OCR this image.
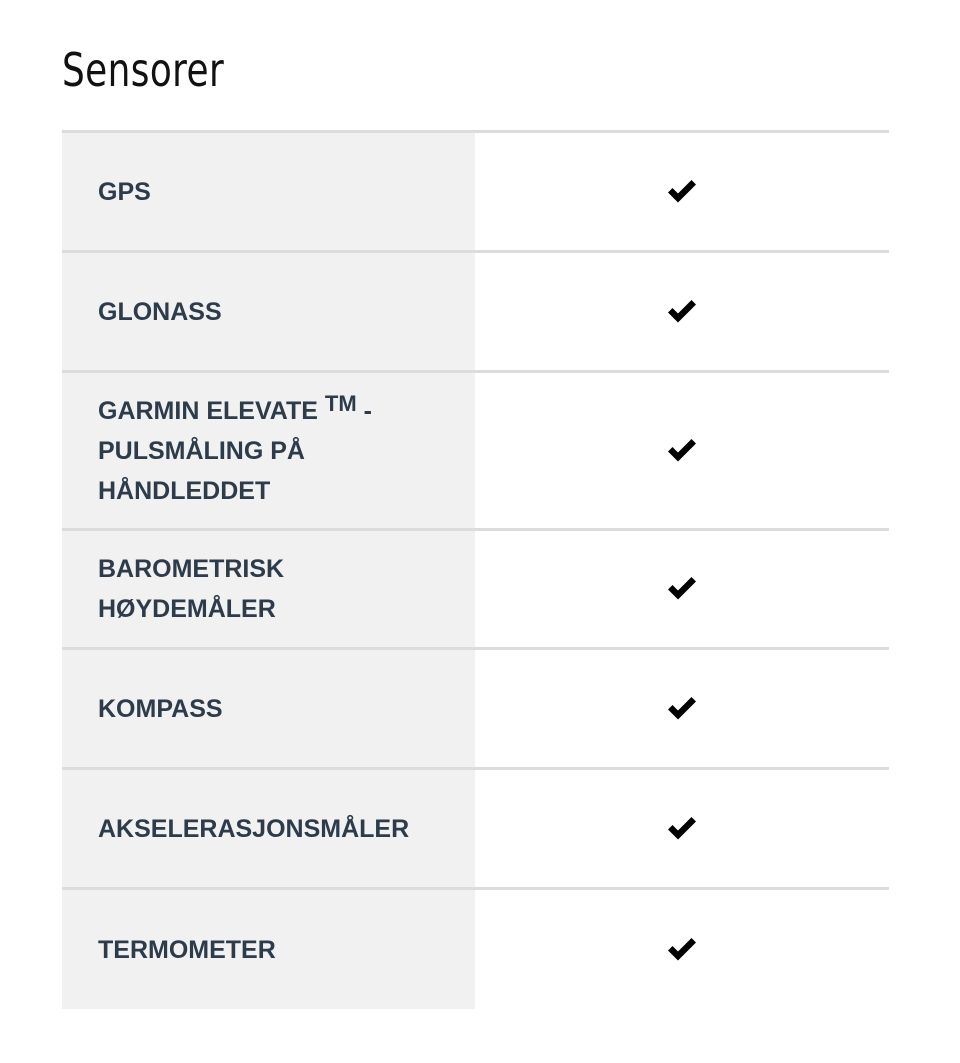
Sensorer
GPS
GLONASS
GARMIN ELEVATE ™ -
PULSMÅLING PÅ
HÅNDLEDDET
BAROMETRISK
HØYDEMÅLER
KOMPASS
AKSELERASJONSMÅLER
TERMOMETER
